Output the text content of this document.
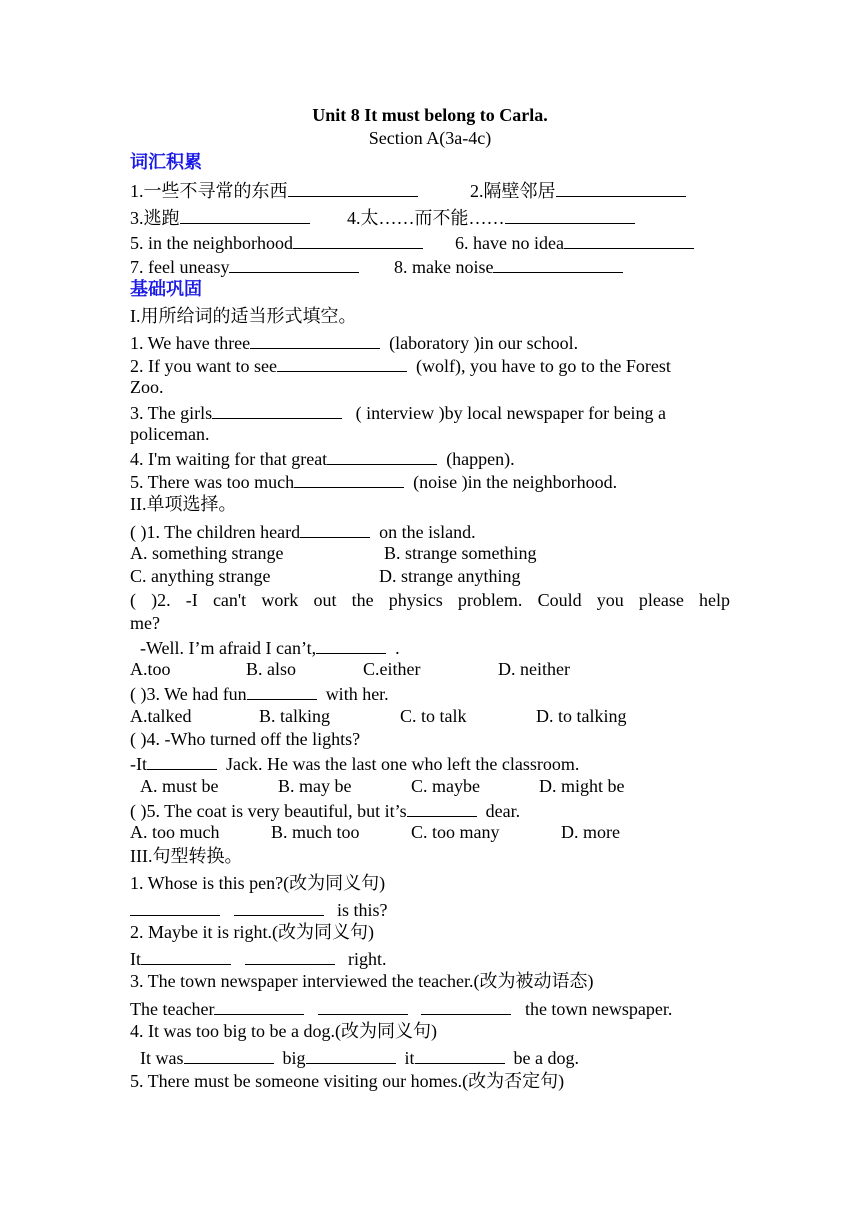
Unit 8 It must belong to Carla.
Section A(3a-4c)
词汇积累
1.一些不寻常的东西	2.隔壁邻居
3.逃跑	4.太……而不能……
5. in the neighborhood	6. have no idea
7. feel uneasy	8. make noise
基础巩固
I.用所给词的适当形式填空。
1. We have three	(laboratory )in our school.
2. If you want to see	(wolf), you have to go to the Forest
Zoo.
3. The girls	( interview )by local newspaper for being a
policeman.
4. I'm waiting for that great	(happen).
5. There was too much	(noise )in the neighborhood.
II.单项选择。
( )1. The children heard	on the island.
A. something strange	B. strange something
C. anything strange	D. strange anything
( )2. -I can't work out the physics problem. Could you please help
me?
-Well. I’m afraid I can’t,	.
A.too	B. also	C.either	D. neither
( )3. We had fun	with her.
A.talked	B. talking	C. to talk	D. to talking
( )4. -Who turned off the lights?
-It	Jack. He was the last one who left the classroom.
A. must be	B. may be	C. maybe	D. might be
( )5. The coat is very beautiful, but it’s	dear.
A. too much	B. much too	C. too many	D. more
III.句型转换。
1. Whose is this pen?(改为同义句)
is this?
2. Maybe it is right.(改为同义句)
It	right.
3. The town newspaper interviewed the teacher.(改为被动语态)
The teacher	the town newspaper.
4. It was too big to be a dog.(改为同义句)
It was	big	it	be a dog.
5. There must be someone visiting our homes.(改为否定句)
